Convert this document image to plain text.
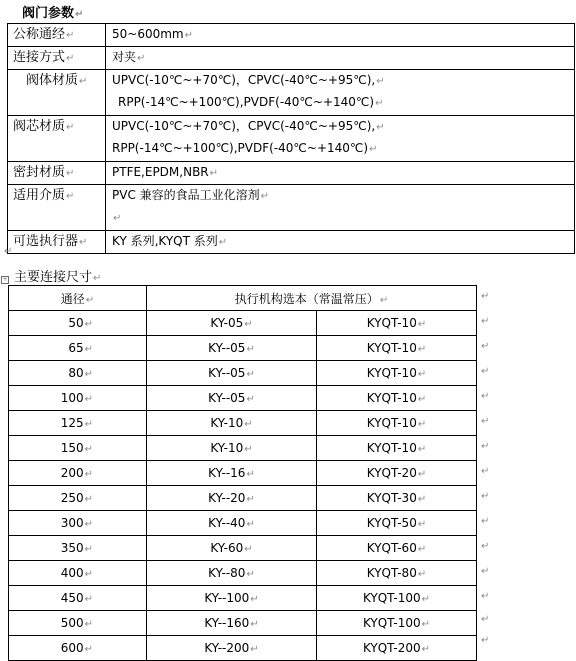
阀门参数↵
公称通经↵	50~600mm↵

连接方式↵	对夹↵

阀体材质↵	UPVC(-10℃~+70℃)，CPVC(-40℃~+95℃),↵
RPP(-14℃~+100℃),PVDF(-40℃~+140℃)↵

阀芯材质↵	UPVC(-10℃~+70℃)，CPVC(-40℃~+95℃),↵
RPP(-14℃~+100℃),PVDF(-40℃~+140℃)↵

密封材质↵	PTFE,EPDM,NBR↵

适用介质↵	PVC 兼容的食品工业化溶剂↵
↵

可选执行器↵	KY 系列,KYQT 系列↵
↵
+ 主要连接尺寸↵
通径↵	执行机构选本（常温常压）↵	
50↵	KY-05↵	KYQT-10↵
65↵	KY--05↵	KYQT-10↵
80↵	KY--05↵	KYQT-10↵
100↵	KY--05↵	KYQT-10↵
125↵	KY-10↵	KYQT-10↵
150↵	KY-10↵	KYQT-10↵
200↵	KY--16↵	KYQT-20↵
250↵	KY--20↵	KYQT-30↵
300↵	KY--40↵	KYQT-50↵
350↵	KY-60↵	KYQT-60↵
400↵	KY--80↵	KYQT-80↵
450↵	KY--100↵	KYQT-100↵
500↵	KY--160↵	KYQT-100↵
600↵	KY--200↵	KYQT-200↵
↵
↵
↵
↵
↵
↵
↵
↵
↵
↵
↵
↵
↵
↵
↵
